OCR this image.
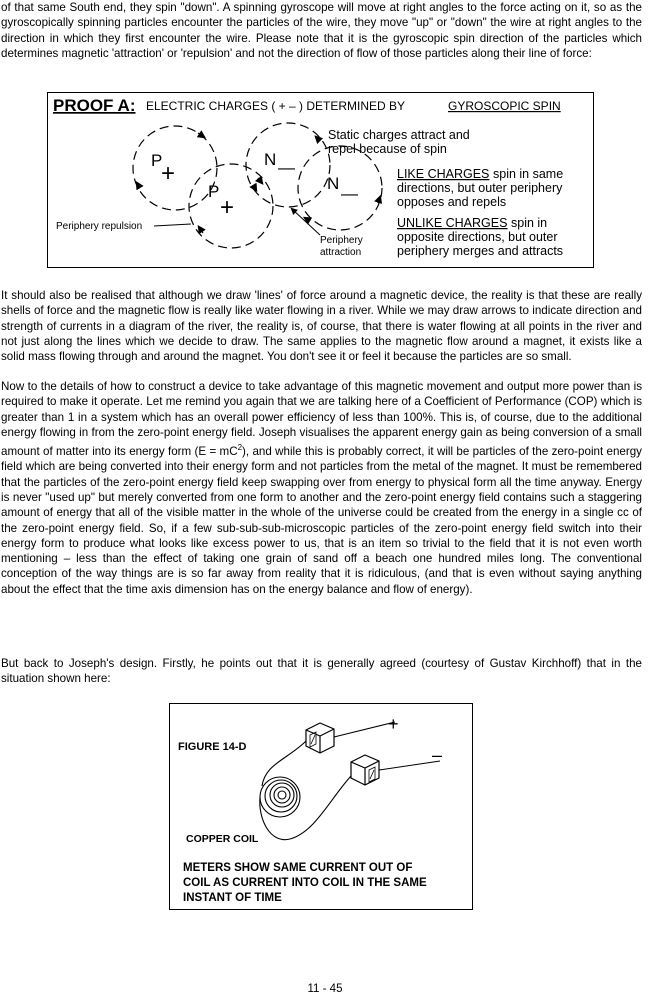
of that same South end, they spin "down". A spinning gyroscope will move at right angles to the force acting on it, so as the gyroscopically spinning particles encounter the particles of the wire, they move "up" or "down" the wire at right angles to the direction in which they first encounter the wire. Please note that it is the gyroscopic spin direction of the particles which determines magnetic 'attraction' or 'repulsion' and not the direction of flow of those particles along their line of force:

PROOF A: ELECTRIC CHARGES ( + – ) DETERMINED BY	GYROSCOPIC SPIN
P
+
P
+
N —
N
—
Static charges attract and
repel because of spin
LIKE CHARGES spin in same
directions, but outer periphery
opposes and repels
UNLIKE CHARGES spin in
opposite directions, but outer
periphery merges and attracts
Periphery repulsion
Periphery
attraction

It should also be realised that although we draw 'lines' of force around a magnetic device, the reality is that these are really shells of force and the magnetic flow is really like water flowing in a river. While we may draw arrows to indicate direction and strength of currents in a diagram of the river, the reality is, of course, that there is water flowing at all points in the river and not just along the lines which we decide to draw. The same applies to the magnetic flow around a magnet, it exists like a solid mass flowing through and around the magnet. You don't see it or feel it because the particles are so small.

Now to the details of how to construct a device to take advantage of this magnetic movement and output more power than is required to make it operate. Let me remind you again that we are talking here of a Coefficient of Performance (COP) which is greater than 1 in a system which has an overall power efficiency of less than 100%. This is, of course, due to the additional energy flowing in from the zero-point energy field. Joseph visualises the apparent energy gain as being conversion of a small amount of matter into its energy form $(E = mC^2)$, and while this is probably correct, it will be particles of the zero-point energy field which are being converted into their energy form and not particles from the metal of the magnet. It must be remembered that the particles of the zero-point energy field keep swapping over from energy to physical form all the time anyway. Energy is never "used up" but merely converted from one form to another and the zero-point energy field contains such a staggering amount of energy that all of the visible matter in the whole of the universe could be created from the energy in a single cc of the zero-point energy field. So, if a few sub-sub-sub-microscopic particles of the zero-point energy field switch into their energy form to produce what looks like excess power to us, that is an item so trivial to the field that it is not even worth mentioning – less than the effect of taking one grain of sand off a beach one hundred miles long. The conventional conception of the way things are is so far away from reality that it is ridiculous, (and that is even without saying anything about the effect that the time axis dimension has on the energy balance and flow of energy).

But back to Joseph's design. Firstly, he points out that it is generally agreed (courtesy of Gustav Kirchhoff) that in the situation shown here:

FIGURE 14-D
+
–
COPPER COIL
METERS SHOW SAME CURRENT OUT OF
COIL AS CURRENT INTO COIL IN THE SAME
INSTANT OF TIME
11 - 45
